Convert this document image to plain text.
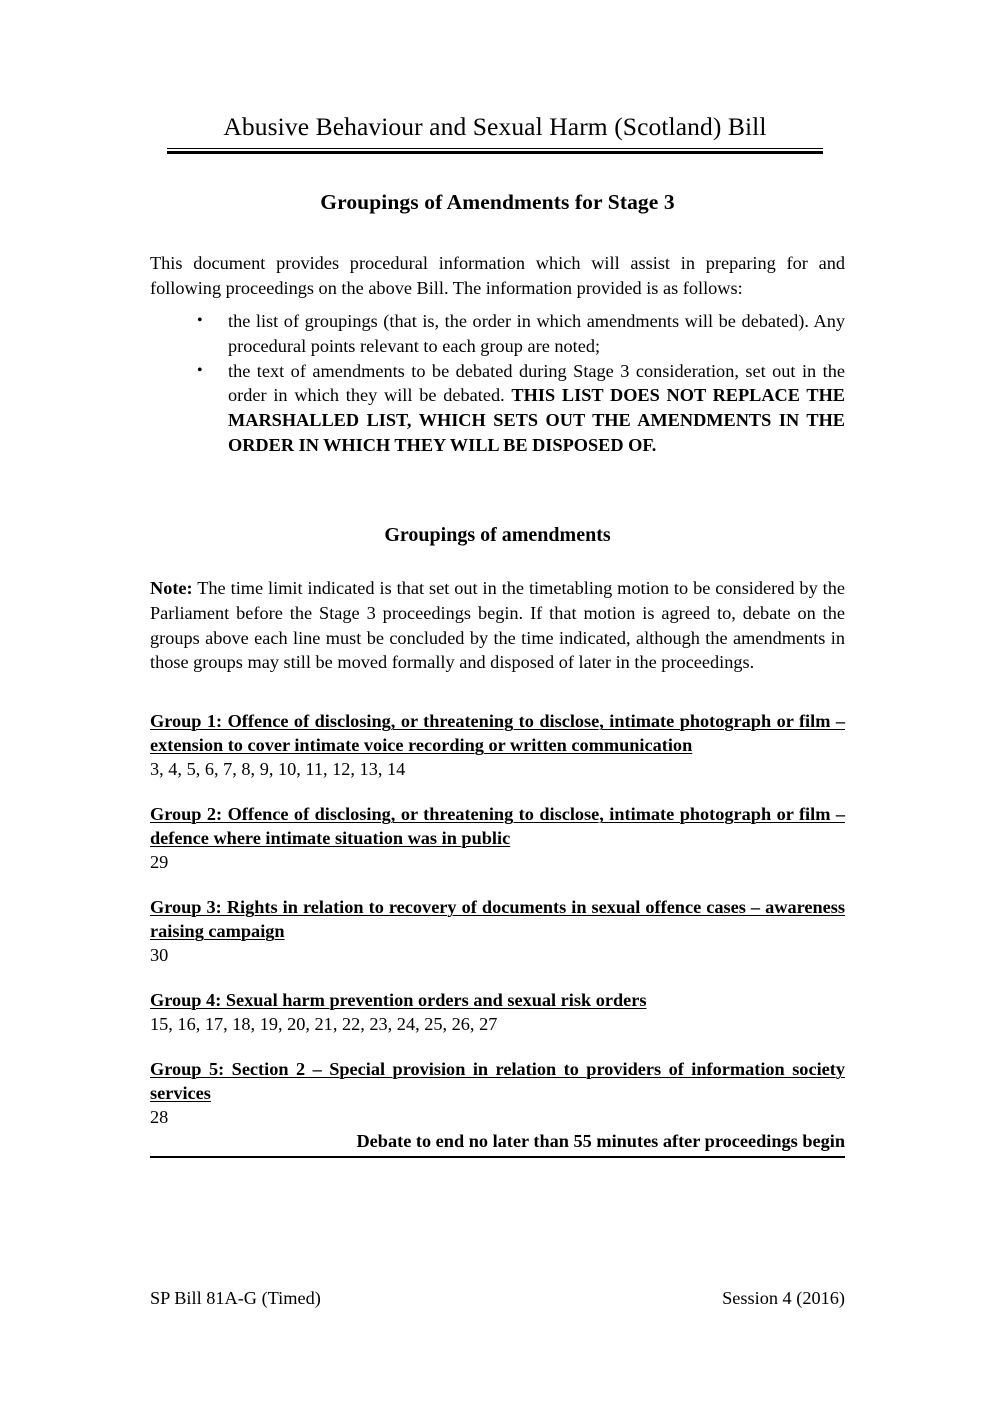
Abusive Behaviour and Sexual Harm (Scotland) Bill
Groupings of Amendments for Stage 3

This document provides procedural information which will assist in preparing for and following proceedings on the above Bill. The information provided is as follows:

• the list of groupings (that is, the order in which amendments will be debated). Any procedural points relevant to each group are noted;
• the text of amendments to be debated during Stage 3 consideration, set out in the order in which they will be debated. THIS LIST DOES NOT REPLACE THE MARSHALLED LIST, WHICH SETS OUT THE AMENDMENTS IN THE ORDER IN WHICH THEY WILL BE DISPOSED OF.
Groupings of amendments

Note: The time limit indicated is that set out in the timetabling motion to be considered by the Parliament before the Stage 3 proceedings begin. If that motion is agreed to, debate on the groups above each line must be concluded by the time indicated, although the amendments in those groups may still be moved formally and disposed of later in the proceedings.

Group 1: Offence of disclosing, or threatening to disclose, intimate photograph or film – extension to cover intimate voice recording or written communication
3, 4, 5, 6, 7, 8, 9, 10, 11, 12, 13, 14
Group 2: Offence of disclosing, or threatening to disclose, intimate photograph or film – defence where intimate situation was in public
29
Group 3: Rights in relation to recovery of documents in sexual offence cases – awareness raising campaign
30
Group 4: Sexual harm prevention orders and sexual risk orders
15, 16, 17, 18, 19, 20, 21, 22, 23, 24, 25, 26, 27
Group 5: Section 2 – Special provision in relation to providers of information society services
28
Debate to end no later than 55 minutes after proceedings begin
SP Bill 81A-G (Timed)	Session 4 (2016)
